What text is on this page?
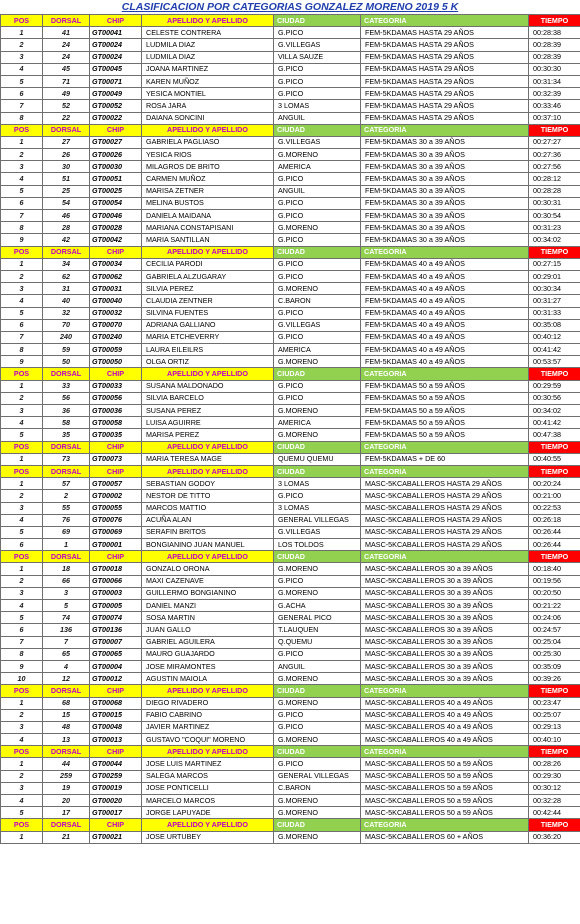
CLASIFICACION POR CATEGORIAS GONZALEZ MORENO 2019 5 K
POS	DORSAL	CHIP	APELLIDO Y APELLIDO	CIUDAD	CATEGORIA	TIEMPO
1	41	GT00041	CELESTE CONTRERA	G.PICO	FEM-5KDAMAS HASTA 29 AÑOS	00:28:38
2	24	GT00024	LUDMILA DIAZ	G.VILLEGAS	FEM-5KDAMAS HASTA 29 AÑOS	00:28:39
3	24	GT00024	LUDMILA DIAZ	VILLA SAUZE	FEM-5KDAMAS HASTA 29 AÑOS	00:28:39
4	45	GT00045	JOANA MARTINEZ	G.PICO	FEM-5KDAMAS HASTA 29 AÑOS	00:30:30
5	71	GT00071	KAREN MUÑOZ	G.PICO	FEM-5KDAMAS HASTA 29 AÑOS	00:31:34
6	49	GT00049	YESICA MONTIEL	G.PICO	FEM-5KDAMAS HASTA 29 AÑOS	00:32:39
7	52	GT00052	ROSA JARA	3 LOMAS	FEM-5KDAMAS HASTA 29 AÑOS	00:33:46
8	22	GT00022	DAIANA SONCINI	ANGUIL	FEM-5KDAMAS HASTA 29 AÑOS	00:37:10
POS	DORSAL	CHIP	APELLIDO Y APELLIDO	CIUDAD	CATEGORIA	TIEMPO
1	27	GT00027	GABRIELA PAGLIASO	G.VILLEGAS	FEM-5KDAMAS 30 a 39 AÑOS	00:27:27
2	26	GT00026	YESICA RIOS	G.MORENO	FEM-5KDAMAS 30 a 39 AÑOS	00:27:36
3	30	GT00030	MILAGROS DE BRITO	AMERICA	FEM-5KDAMAS 30 a 39 AÑOS	00:27:56
4	51	GT00051	CARMEN MUÑOZ	G.PICO	FEM-5KDAMAS 30 a 39 AÑOS	00:28:12
5	25	GT00025	MARISA ZETNER	ANGUIL	FEM-5KDAMAS 30 a 39 AÑOS	00:28:28
6	54	GT00054	MELINA BUSTOS	G.PICO	FEM-5KDAMAS 30 a 39 AÑOS	00:30:31
7	46	GT00046	DANIELA MAIDANA	G.PICO	FEM-5KDAMAS 30 a 39 AÑOS	00:30:54
8	28	GT00028	MARIANA CONSTAPISANI	G.MORENO	FEM-5KDAMAS 30 a 39 AÑOS	00:31:23
9	42	GT00042	MARIA SANTILLAN	G.PICO	FEM-5KDAMAS 30 a 39 AÑOS	00:34:02
POS	DORSAL	CHIP	APELLIDO Y APELLIDO	CIUDAD	CATEGORIA	TIEMPO
1	34	GT00034	CECILIA PARODI	G.PICO	FEM-5KDAMAS 40 a 49 AÑOS	00:27:15
2	62	GT00062	GABRIELA ALZUGARAY	G.PICO	FEM-5KDAMAS 40 a 49 AÑOS	00:29:01
3	31	GT00031	SILVIA PEREZ	G.MORENO	FEM-5KDAMAS 40 a 49 AÑOS	00:30:34
4	40	GT00040	CLAUDIA ZENTNER	C.BARON	FEM-5KDAMAS 40 a 49 AÑOS	00:31:27
5	32	GT00032	SILVINA FUENTES	G.PICO	FEM-5KDAMAS 40 a 49 AÑOS	00:31:33
6	70	GT00070	ADRIANA GALLIANO	G.VILLEGAS	FEM-5KDAMAS 40 a 49 AÑOS	00:35:08
7	240	GT00240	MARIA ETCHEVERRY	G.PICO	FEM-5KDAMAS 40 a 49 AÑOS	00:40:12
8	59	GT00059	LAURA EILEILRS	AMERICA	FEM-5KDAMAS 40 a 49 AÑOS	00:41:42
9	50	GT00050	OLGA ORTIZ	G.MORENO	FEM-5KDAMAS 40 a 49 AÑOS	00:53:57
POS	DORSAL	CHIP	APELLIDO Y APELLIDO	CIUDAD	CATEGORIA	TIEMPO
1	33	GT00033	SUSANA MALDONADO	G.PICO	FEM-5KDAMAS 50 a 59 AÑOS	00:29:59
2	56	GT00056	SILVIA BARCELO	G.PICO	FEM-5KDAMAS 50 a 59 AÑOS	00:30:56
3	36	GT00036	SUSANA PEREZ	G.MORENO	FEM-5KDAMAS 50 a 59 AÑOS	00:34:02
4	58	GT00058	LUISA AGUIRRE	AMERICA	FEM-5KDAMAS 50 a 59 AÑOS	00:41:42
5	35	GT00035	MARISA PEREZ	G.MORENO	FEM-5KDAMAS 50 a 59 AÑOS	00:47:38
POS	DORSAL	CHIP	APELLIDO Y APELLIDO	CIUDAD	CATEGORIA	TIEMPO
1	73	GT00073	MARIA TERESA MAGE	QUEMU QUEMU	FEM-5KDAMAS + DE 60	00:40:55
POS	DORSAL	CHIP	APELLIDO Y APELLIDO	CIUDAD	CATEGORIA	TIEMPO
1	57	GT00057	SEBASTIAN GODOY	3 LOMAS	MASC-5KCABALLEROS HASTA 29 AÑOS	00:20:24
2	2	GT00002	NESTOR DE TITTO	G.PICO	MASC-5KCABALLEROS HASTA 29 AÑOS	00:21:00
3	55	GT00055	MARCOS MATTIO	3 LOMAS	MASC-5KCABALLEROS HASTA 29 AÑOS	00:22:53
4	76	GT00076	ACUÑA ALAN	GENERAL VILLEGAS	MASC-5KCABALLEROS HASTA 29 AÑOS	00:26:18
5	69	GT00069	SERAFIN BRITOS	G.VILLEGAS	MASC-5KCABALLEROS HASTA 29 AÑOS	00:26:44
6	1	GT00001	BONGIANINO JUAN MANUEL	LOS TOLDOS	MASC-5KCABALLEROS HASTA 29 AÑOS	00:26:44
POS	DORSAL	CHIP	APELLIDO Y APELLIDO	CIUDAD	CATEGORIA	TIEMPO
1	18	GT00018	GONZALO ORONA	G.MORENO	MASC-5KCABALLEROS 30 a 39 AÑOS	00:18:40
2	66	GT00066	MAXI CAZENAVE	G.PICO	MASC-5KCABALLEROS 30 a 39 AÑOS	00:19:56
3	3	GT00003	GUILLERMO BONGIANINO	G.MORENO	MASC-5KCABALLEROS 30 a 39 AÑOS	00:20:50
4	5	GT00005	DANIEL MANZI	G.ACHA	MASC-5KCABALLEROS 30 a 39 AÑOS	00:21:22
5	74	GT00074	SOSA MARTIN	GENERAL PICO	MASC-5KCABALLEROS 30 a 39 AÑOS	00:24:06
6	136	GT00136	JUAN GALLO	T.LAUQUEN	MASC-5KCABALLEROS 30 a 39 AÑOS	00:24:57
7	7	GT00007	GABRIEL AGUILERA	Q.QUEMU	MASC-5KCABALLEROS 30 a 39 AÑOS	00:25:04
8	65	GT00065	MAURO GUAJARDO	G.PICO	MASC-5KCABALLEROS 30 a 39 AÑOS	00:25:30
9	4	GT00004	JOSE MIRAMONTES	ANGUIL	MASC-5KCABALLEROS 30 a 39 AÑOS	00:35:09
10	12	GT00012	AGUSTIN MAIOLA	G.MORENO	MASC-5KCABALLEROS 30 a 39 AÑOS	00:39:26
POS	DORSAL	CHIP	APELLIDO Y APELLIDO	CIUDAD	CATEGORIA	TIEMPO
1	68	GT00068	DIEGO RIVADERO	G.MORENO	MASC-5KCABALLEROS 40 a 49 AÑOS	00:23:47
2	15	GT00015	FABIO CABRINO	G.PICO	MASC-5KCABALLEROS 40 a 49 AÑOS	00:25:07
3	48	GT00048	JAVIER MARTINEZ	G.PICO	MASC-5KCABALLEROS 40 a 49 AÑOS	00:29:13
4	13	GT00013	GUSTAVO "COQUI" MORENO	G.MORENO	MASC-5KCABALLEROS 40 a 49 AÑOS	00:40:10
POS	DORSAL	CHIP	APELLIDO Y APELLIDO	CIUDAD	CATEGORIA	TIEMPO
1	44	GT00044	JOSE LUIS MARTINEZ	G.PICO	MASC-5KCABALLEROS 50 a 59 AÑOS	00:28:26
2	259	GT00259	SALEGA MARCOS	GENERAL VILLEGAS	MASC-5KCABALLEROS 50 a 59 AÑOS	00:29:30
3	19	GT00019	JOSE PONTICELLI	C.BARON	MASC-5KCABALLEROS 50 a 59 AÑOS	00:30:12
4	20	GT00020	MARCELO MARCOS	G.MORENO	MASC-5KCABALLEROS 50 a 59 AÑOS	00:32:28
5	17	GT00017	JORGE LAPUYADE	G.MORENO	MASC-5KCABALLEROS 50 a 59 AÑOS	00:42:44
POS	DORSAL	CHIP	APELLIDO Y APELLIDO	CIUDAD	CATEGORIA	TIEMPO
1	21	GT00021	JOSE URTUBEY	G.MORENO	MASC-5KCABALLEROS 60 + AÑOS	00:36:20
